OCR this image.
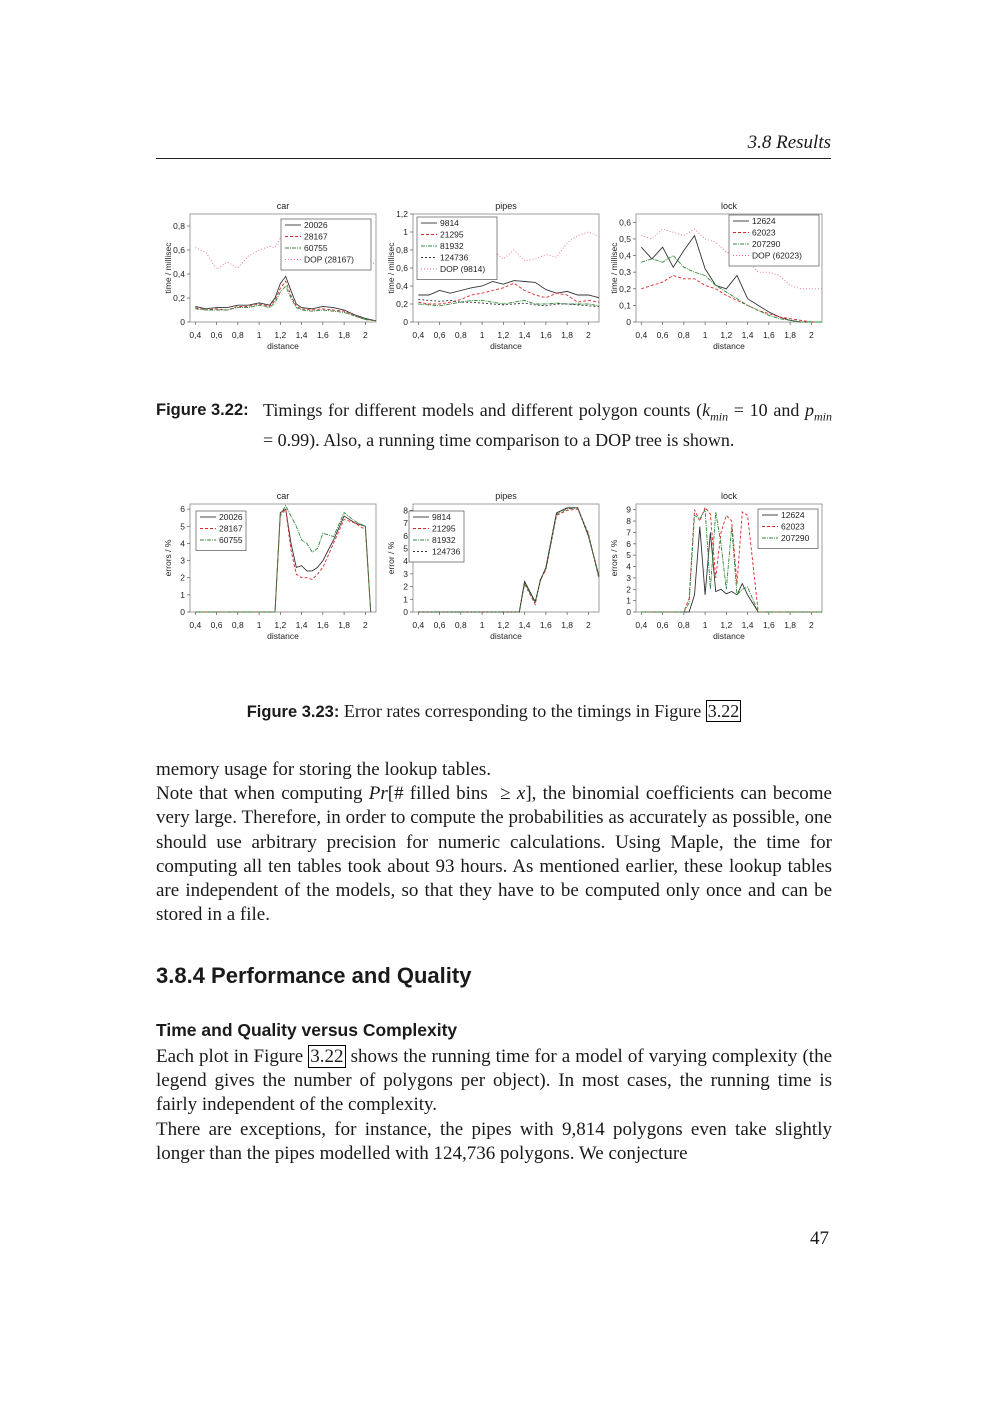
3.8 Results
car
0
0,2
0,4
0,6
0,8
0,4 0,6 0,8 1 1,2 1,4 1,6 1,8 2
distance
time / millisec
20026
28167
60755
DOP (28167)
pipes
0
0,2
0,4
0,6
0,8
1
1,2
0,4 0,6 0,8 1 1,2 1,4 1,6 1,8 2
distance
time / millisec
9814
21295
81932
124736
DOP (9814)
lock
0
0,1
0,2
0,3
0,4
0,5
0,6
0,4 0,6 0,8 1 1,2 1,4 1,6 1,8 2
distance
time / millisec
12624
62023
207290
DOP (62023)
Figure 3.22: Timings for different models and different polygon counts ($k_{min} = 10$ and $p_{min} = 0.99$). Also, a running time comparison to a DOP tree is shown.
car
0
1
2
3
4
5
6
0,4 0,6 0,8 1 1,2 1,4 1,6 1,8 2
distance
errors / %
20026
28167
60755
pipes
0
1
2
3
4
5
6
7
8
0,4 0,6 0,8 1 1,2 1,4 1,6 1,8 2
distance
error / %
9814
21295
81932
124736
lock
0
1
2
3
4
5
6
7
8
9
0,4 0,6 0,8 1 1,2 1,4 1,6 1,8 2
distance
errors / %
12624
62023
207290
Figure 3.23: Error rates corresponding to the timings in Figure 3.22

memory usage for storing the lookup tables.

Note that when computing Pr[# filled bins  ≥ x], the binomial coefficients can become very large. Therefore, in order to compute the probabilities as accurately as possible, one should use arbitrary precision for numeric calculations. Using Maple, the time for computing all ten tables took about 93 hours. As mentioned earlier, these lookup tables are independent of the models, so that they have to be computed only once and can be stored in a file.

3.8.4 Performance and Quality
Time and Quality versus Complexity

Each plot in Figure 3.22 shows the running time for a model of varying complexity (the legend gives the number of polygons per object). In most cases, the running time is fairly independent of the complexity.

There are exceptions, for instance, the pipes with 9,814 polygons even take slightly longer than the pipes modelled with 124,736 polygons. We conjecture

47
